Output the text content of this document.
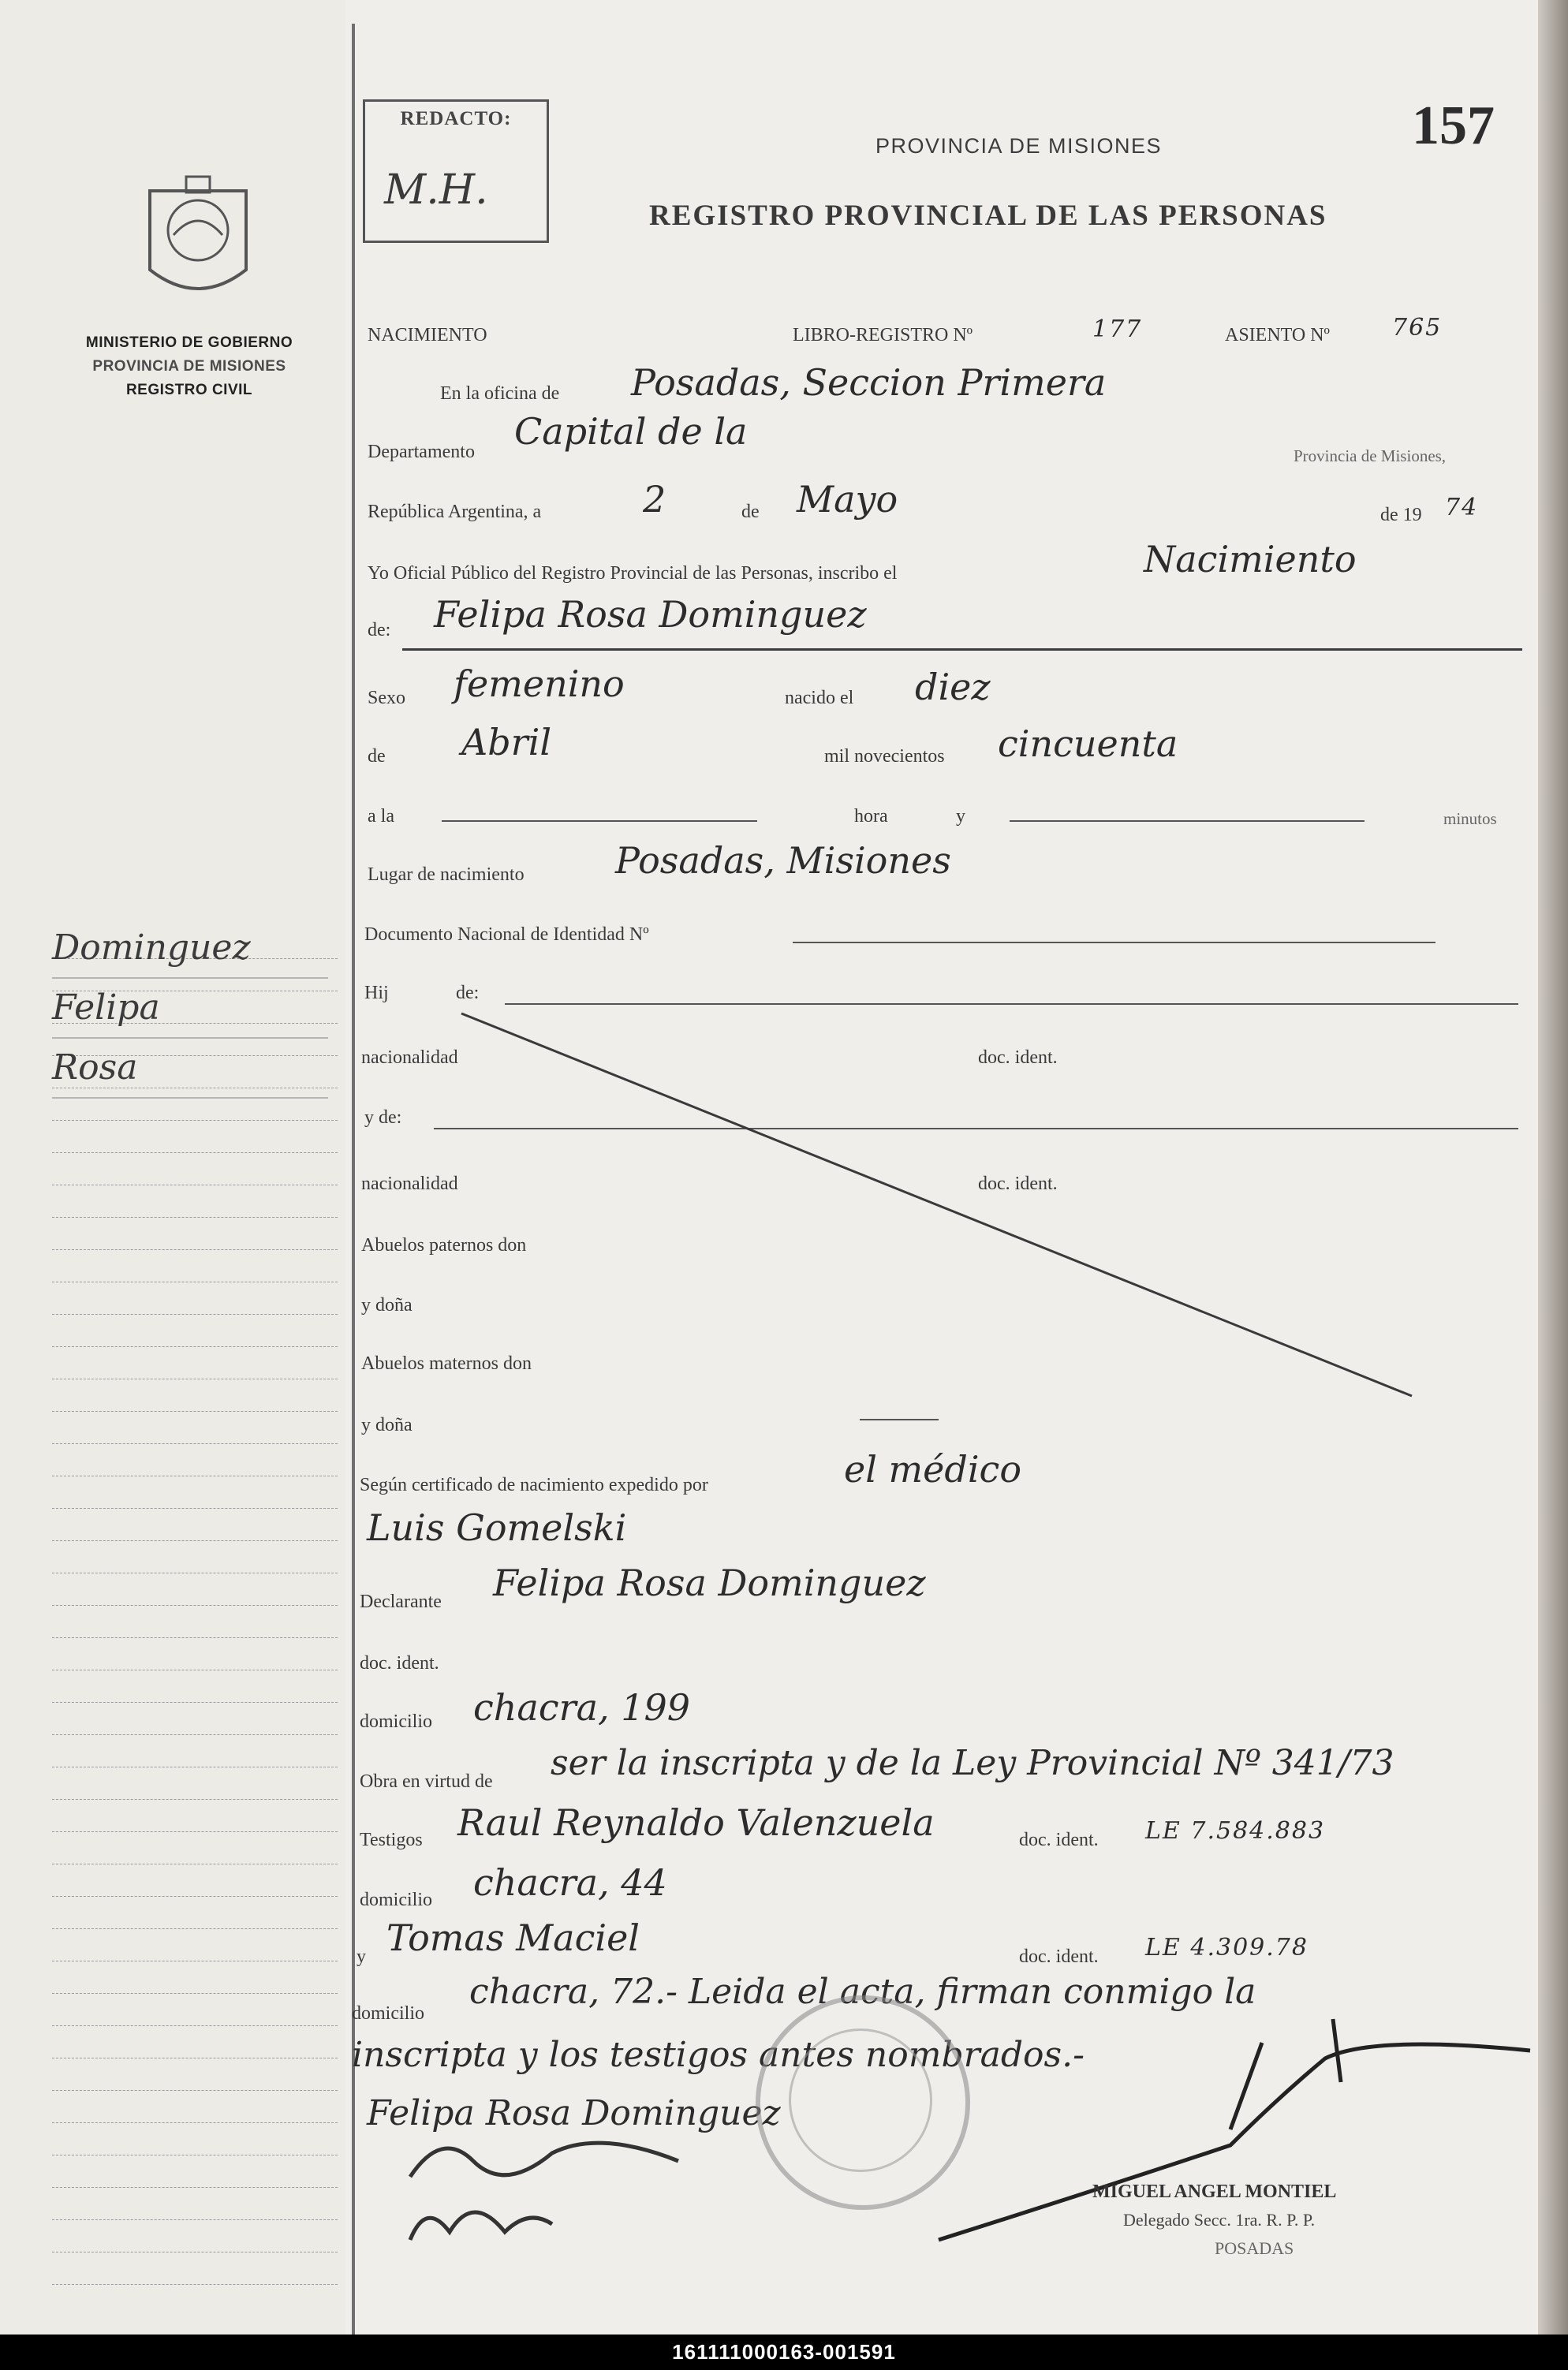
MINISTERIO DE GOBIERNO
PROVINCIA DE MISIONES
REGISTRO CIVIL
Dominguez
Felipa
Rosa
REDACTO:
M.H.
157
PROVINCIA DE MISIONES
REGISTRO PROVINCIAL DE LAS PERSONAS
NACIMIENTO	LIBRO-REGISTRO Nº	177	ASIENTO Nº	765
En la oficina de Posadas, Seccion Primera
Departamento Capital de la
Provincia de Misiones,
República Argentina, a	2	de Mayo	de 19 74
Yo Oficial Público del Registro Provincial de las Personas, inscribo el	Nacimiento
de: Felipa Rosa Dominguez
Sexo femenino	nacido el diez
de Abril	mil novecientos cincuenta
a la	hora	y	minutos
Lugar de nacimiento	Posadas, Misiones
Documento Nacional de Identidad Nº
Hij	de:
nacionalidad	doc. ident.
y de:
nacionalidad	doc. ident.
Abuelos paternos don
y doña
Abuelos maternos don
y doña
Según certificado de nacimiento expedido por	el médico
Luis Gomelski
Declarante Felipa Rosa Dominguez
doc. ident.
domicilio chacra, 199
Obra en virtud de ser la inscripta y de la Ley Provincial Nº 341/73
Testigos Raul Reynaldo Valenzuela	doc. ident. LE 7.584.883
domicilio chacra, 44
y Tomas Maciel	doc. ident. LE 4.309.78
domicilio
chacra, 72.- Leida el acta, firman conmigo la
inscripta y los testigos antes nombrados.-
Felipa Rosa Dominguez
MIGUEL ANGEL MONTIEL
Delegado Secc. 1ra. R. P. P.
POSADAS
161111000163-001591
